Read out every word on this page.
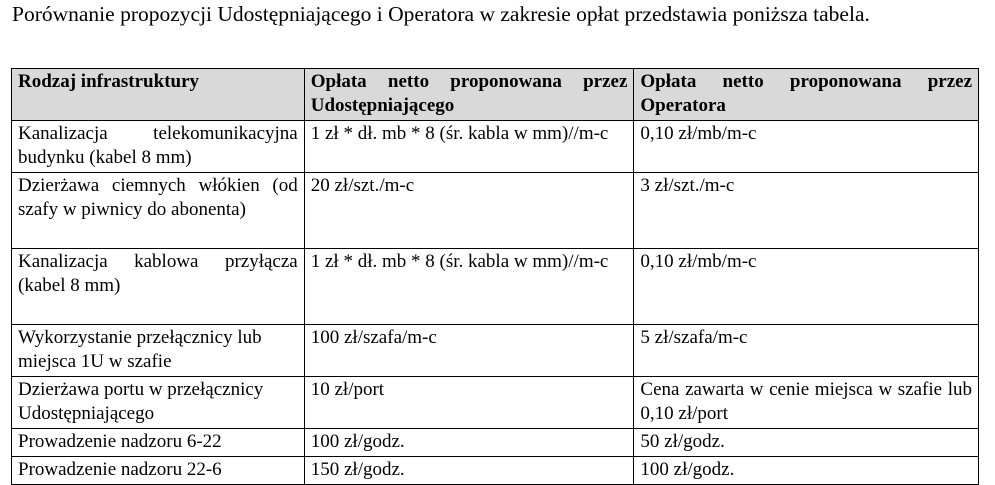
Porównanie propozycji Udostępniającego i Operatora w zakresie opłat przedstawia poniższa tabela.

Rodzaj infrastruktury	Opłata netto proponowana przez Udostępniającego	Opłata netto proponowana przez Operatora
Kanalizacja telekomunikacyjna budynku (kabel 8 mm)	1 zł * dł. mb * 8 (śr. kabla w mm)//m-c	0,10 zł/mb/m-c
Dzierżawa ciemnych włókien (od szafy w piwnicy do abonenta)	20 zł/szt./m-c	3 zł/szt./m-c
Kanalizacja kablowa przyłącza (kabel 8 mm)	1 zł * dł. mb * 8 (śr. kabla w mm)//m-c	0,10 zł/mb/m-c
Wykorzystanie przełącznicy lub miejsca 1U w szafie	100 zł/szafa/m-c	5 zł/szafa/m-c
Dzierżawa portu w przełącznicy Udostępniającego	10 zł/port	Cena zawarta w cenie miejsca w szafie lub 0,10 zł/port
Prowadzenie nadzoru 6-22	100 zł/godz.	50 zł/godz.
Prowadzenie nadzoru 22-6	150 zł/godz.	100 zł/godz.
